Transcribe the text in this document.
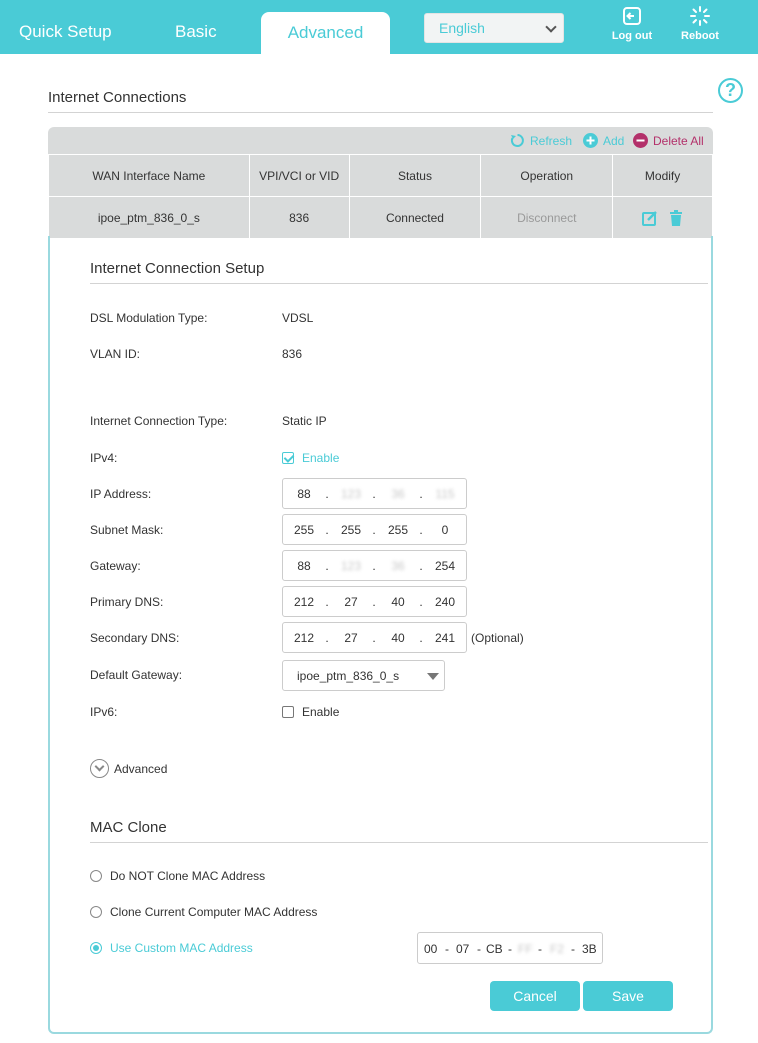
Quick Setup	Basic	Advanced	English	Log out	Reboot
?
Internet Connections
Refresh	Add Delete All
WAN Interface Name	VPI/VCI or VID	Status	Operation	Modify
ipoe_ptm_836_0_s	836	Connected	Disconnect	
Internet Connection Setup
DSL Modulation Type:	VDSL
VLAN ID:	836
Internet Connection Type:	Static IP
IPv4:	Enable
IP Address:	88	.	123 .	36	.	115
Subnet Mask:	255 .	255 .	255 .	0
Gateway:	88	.	123 .	36	.	254
Primary DNS:	212 .	27	.	40	.	240
Secondary DNS:	212 .	27	.	40	.	241	(Optional)
Default Gateway:	ipoe_ptm_836_0_s
IPv6:	Enable
Advanced
MAC Clone
Do NOT Clone MAC Address
Clone Current Computer MAC Address
Use Custom MAC Address	00 - 07 - CB - FF - F2 - 3B
Cancel	Save
